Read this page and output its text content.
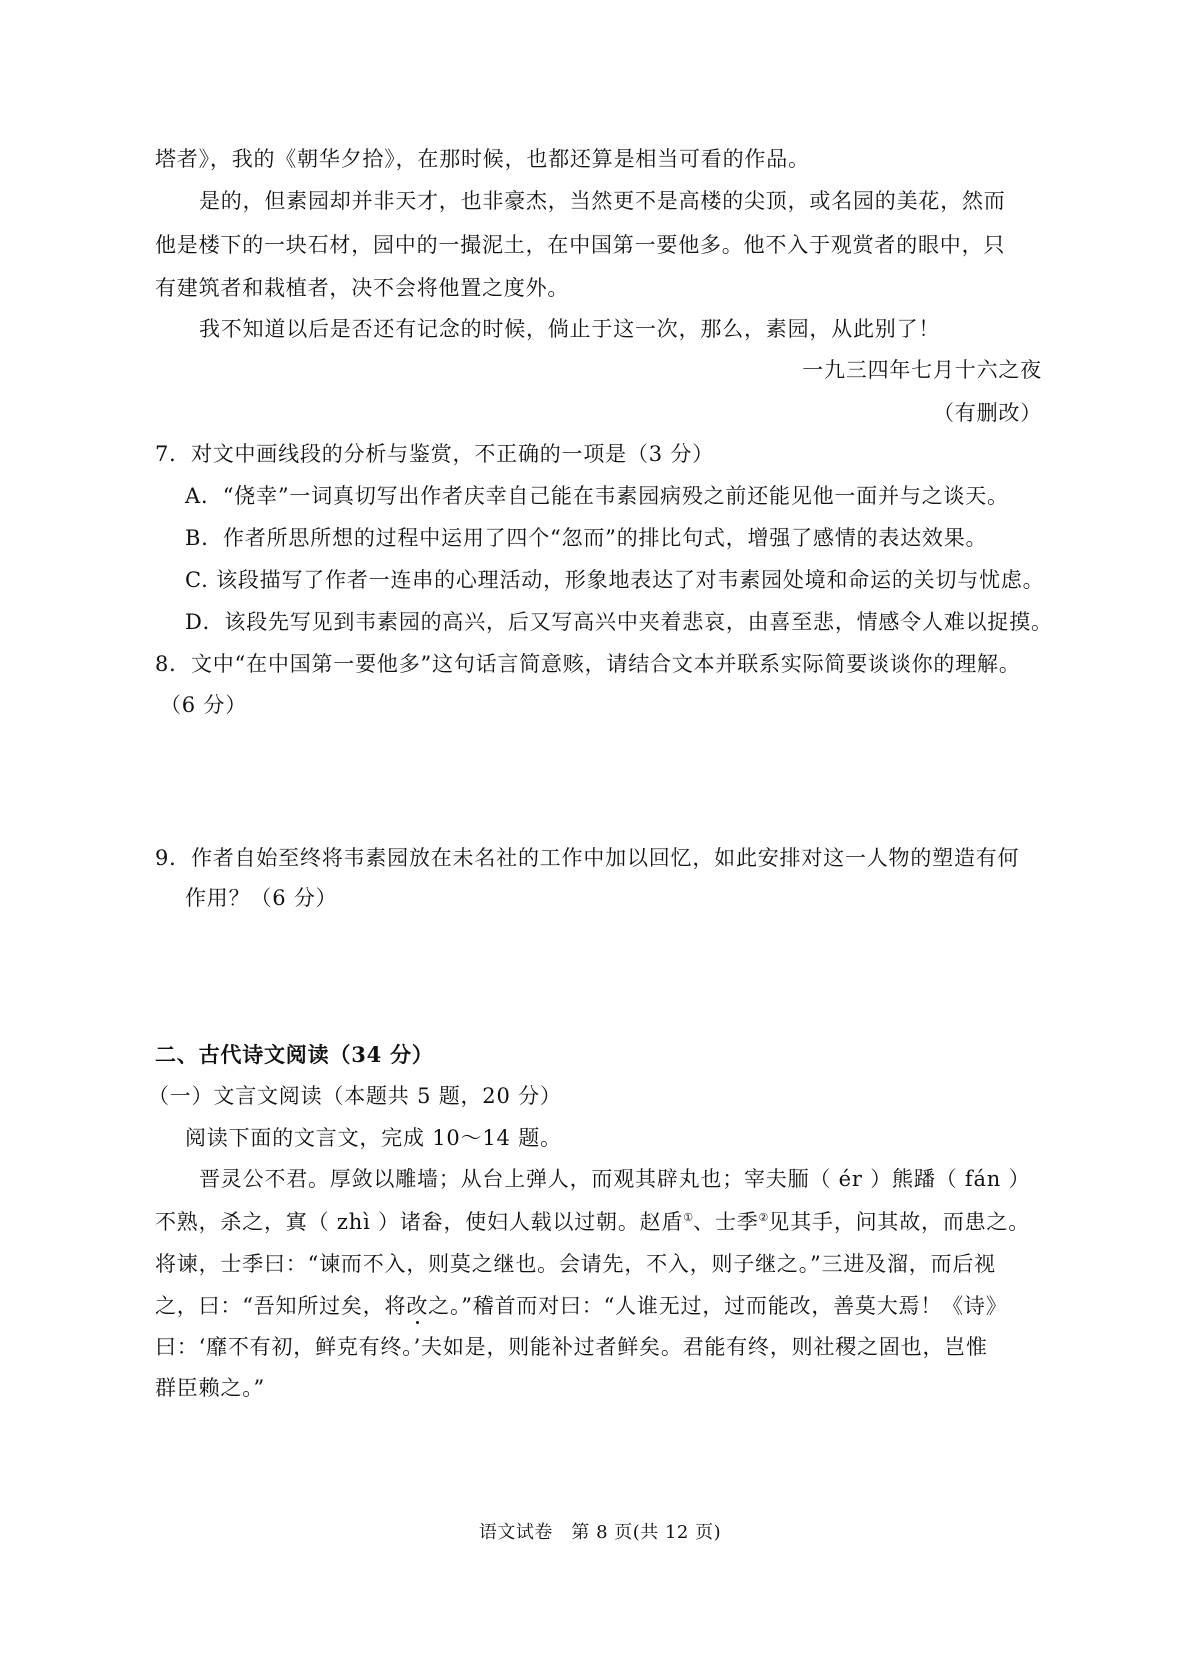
塔者》，我的《朝华夕拾》，在那时候，也都还算是相当可看的作品。
是的，但素园却并非天才，也非豪杰，当然更不是高楼的尖顶，或名园的美花，然而
他是楼下的一块石材，园中的一撮泥土，在中国第一要他多。他不入于观赏者的眼中，只
有建筑者和栽植者，决不会将他置之度外。
我不知道以后是否还有记念的时候，倘止于这一次，那么，素园，从此别了！
一九三四年七月十六之夜
（有删改）
7．对文中画线段的分析与鉴赏，不正确的一项是（3 分）
A．“侥幸”一词真切写出作者庆幸自己能在韦素园病殁之前还能见他一面并与之谈天。
B．作者所思所想的过程中运用了四个“忽而”的排比句式，增强了感情的表达效果。
C. 该段描写了作者一连串的心理活动，形象地表达了对韦素园处境和命运的关切与忧虑。
D．该段先写见到韦素园的高兴，后又写高兴中夹着悲哀，由喜至悲，情感令人难以捉摸。
8．文中“在中国第一要他多”这句话言简意赅，请结合文本并联系实际简要谈谈你的理解。
（6 分）
9．作者自始至终将韦素园放在未名社的工作中加以回忆，如此安排对这一人物的塑造有何
作用？（6 分）
二、古代诗文阅读（34 分）
（一）文言文阅读（本题共 5 题，20 分）
阅读下面的文言文，完成 10～14 题。
晋灵公不君。厚敛以雕墙；从台上弹人，而观其辟丸也；宰夫胹（ ér ）熊蹯（ fán ）
不熟，杀之，寘（ zhì ）诸畚，使妇人载以过朝。赵盾①、士季②见其手，问其故，而患之。
将谏，士季曰：“谏而不入，则莫之继也。会请先，不入，则子继之。”三进及溜，而后视
之，曰：“吾知所过矣，将改之。”稽首而对曰：“人谁无过，过而能改，善莫大焉！《诗》
曰：‘靡不有初，鲜克有终。’夫如是，则能补过者鲜矣。君能有终，则社稷之固也，岂惟
群臣赖之。”
语文试卷　第 8 页(共 12 页)
